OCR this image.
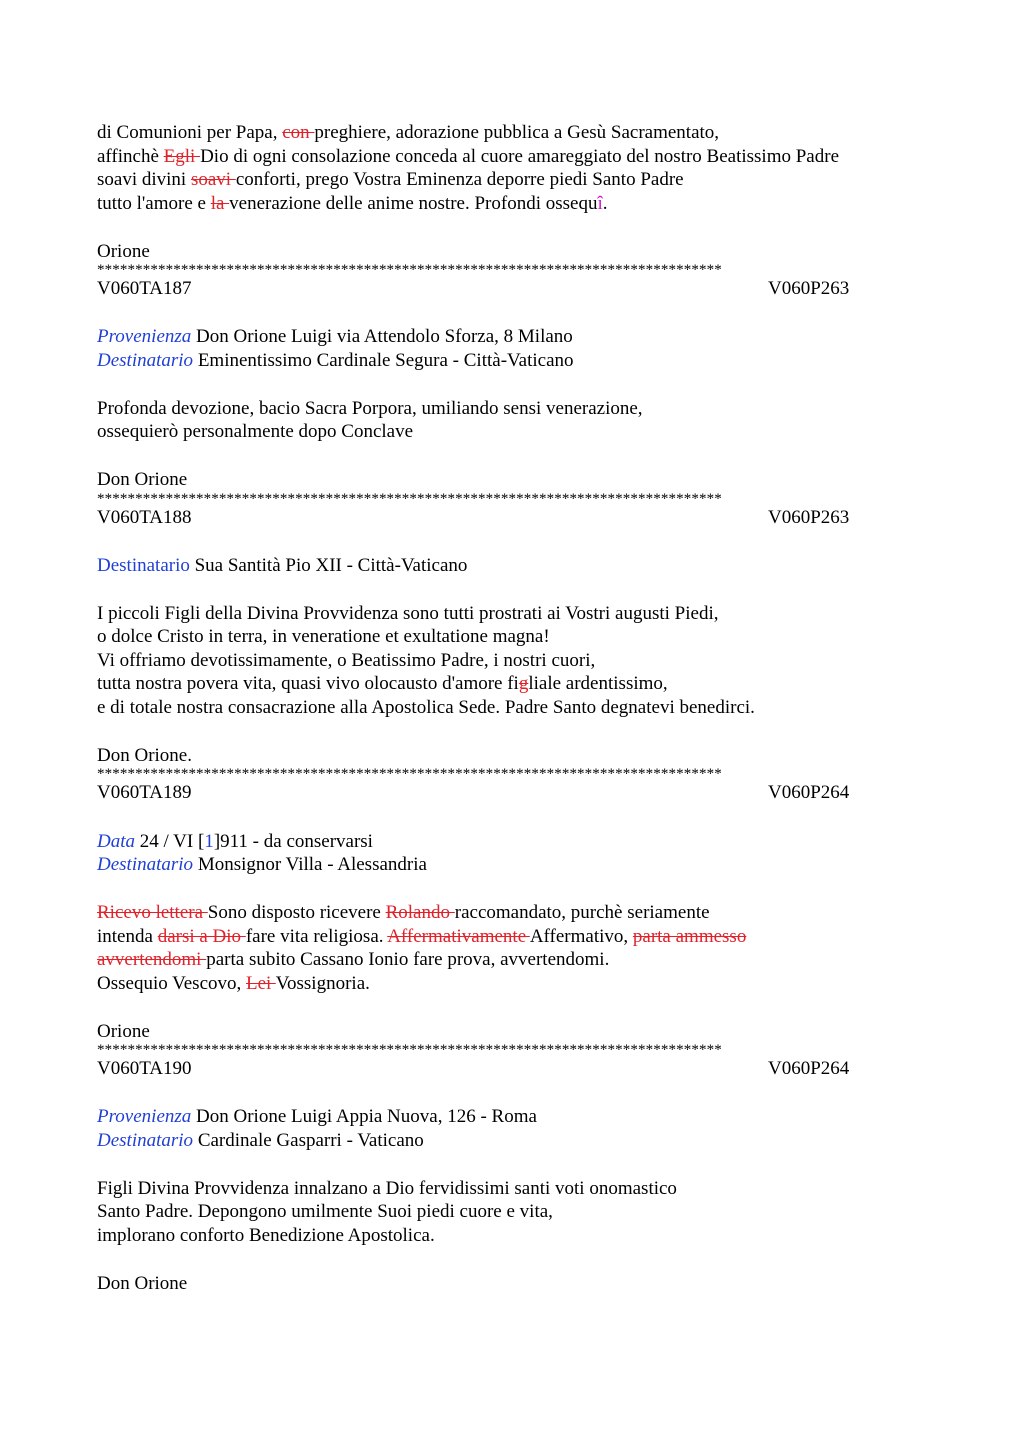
di Comunioni per Papa, con preghiere, adorazione pubblica a Gesù Sacramentato,
affinchè Egli Dio di ogni consolazione conceda al cuore amareggiato del nostro Beatissimo Padre
soavi divini soavi conforti, prego Vostra Eminenza deporre piedi Santo Padre
tutto l'amore e la venerazione delle anime nostre. Profondi ossequî.
Orione
**********************************************************************************
V060TA187	V060P263
Provenienza Don Orione Luigi via Attendolo Sforza, 8 Milano
Destinatario Eminentissimo Cardinale Segura - Città-Vaticano
Profonda devozione, bacio Sacra Porpora, umiliando sensi venerazione,
ossequierò personalmente dopo Conclave
Don Orione
**********************************************************************************
V060TA188	V060P263
Destinatario Sua Santità Pio XII - Città-Vaticano
I piccoli Figli della Divina Provvidenza sono tutti prostrati ai Vostri augusti Piedi,
o dolce Cristo in terra, in veneratione et exultatione magna!
Vi offriamo devotissimamente, o Beatissimo Padre, i nostri cuori,
tutta nostra povera vita, quasi vivo olocausto d'amore figliale ardentissimo,
e di totale nostra consacrazione alla Apostolica Sede. Padre Santo degnatevi benedirci.
Don Orione.
**********************************************************************************
V060TA189	V060P264
Data 24 / VI [1]911 - da conservarsi
Destinatario Monsignor Villa - Alessandria
Ricevo lettera Sono disposto ricevere Rolando raccomandato, purchè seriamente
intenda darsi a Dio fare vita religiosa. Affermativamente Affermativo, parta ammesso
avvertendomi parta subito Cassano Ionio fare prova, avvertendomi.
Ossequio Vescovo, Lei Vossignoria.
Orione
**********************************************************************************
V060TA190	V060P264
Provenienza Don Orione Luigi Appia Nuova, 126 - Roma
Destinatario Cardinale Gasparri - Vaticano
Figli Divina Provvidenza innalzano a Dio fervidissimi santi voti onomastico
Santo Padre. Depongono umilmente Suoi piedi cuore e vita,
implorano conforto Benedizione Apostolica.
Don Orione
